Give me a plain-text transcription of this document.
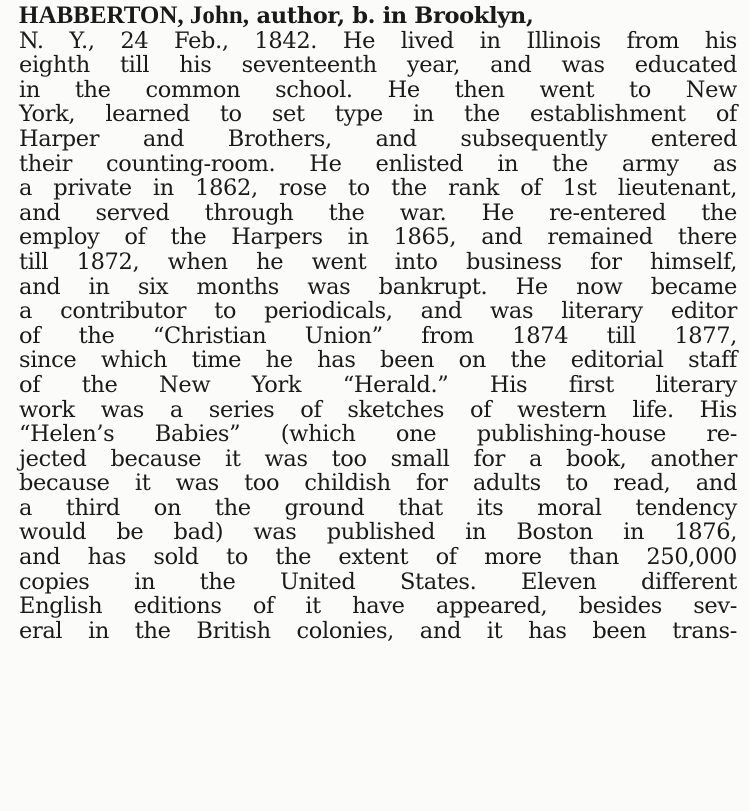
HABBERTON, John, author, b. in Brooklyn,
N. Y., 24 Feb., 1842. He lived in Illinois from his
eighth till his seventeenth year, and was educated
in the common school. He then went to New
York, learned to set type in the establishment of
Harper and Brothers, and subsequently entered
their counting-room. He enlisted in the army as
a private in 1862, rose to the rank of 1st lieutenant,
and served through the war. He re-entered the
employ of the Harpers in 1865, and remained there
till 1872, when he went into business for himself,
and in six months was bankrupt. He now became
a contributor to periodicals, and was literary editor
of the “Christian Union” from 1874 till 1877,
since which time he has been on the editorial staff
of the New York “Herald.” His first literary
work was a series of sketches of western life. His
“Helen’s Babies” (which one publishing-house re-
jected because it was too small for a book, another
because it was too childish for adults to read, and
a third on the ground that its moral tendency
would be bad) was published in Boston in 1876,
and has sold to the extent of more than 250,000
copies in the United States. Eleven different
English editions of it have appeared, besides sev-
eral in the British colonies, and it has been trans-
